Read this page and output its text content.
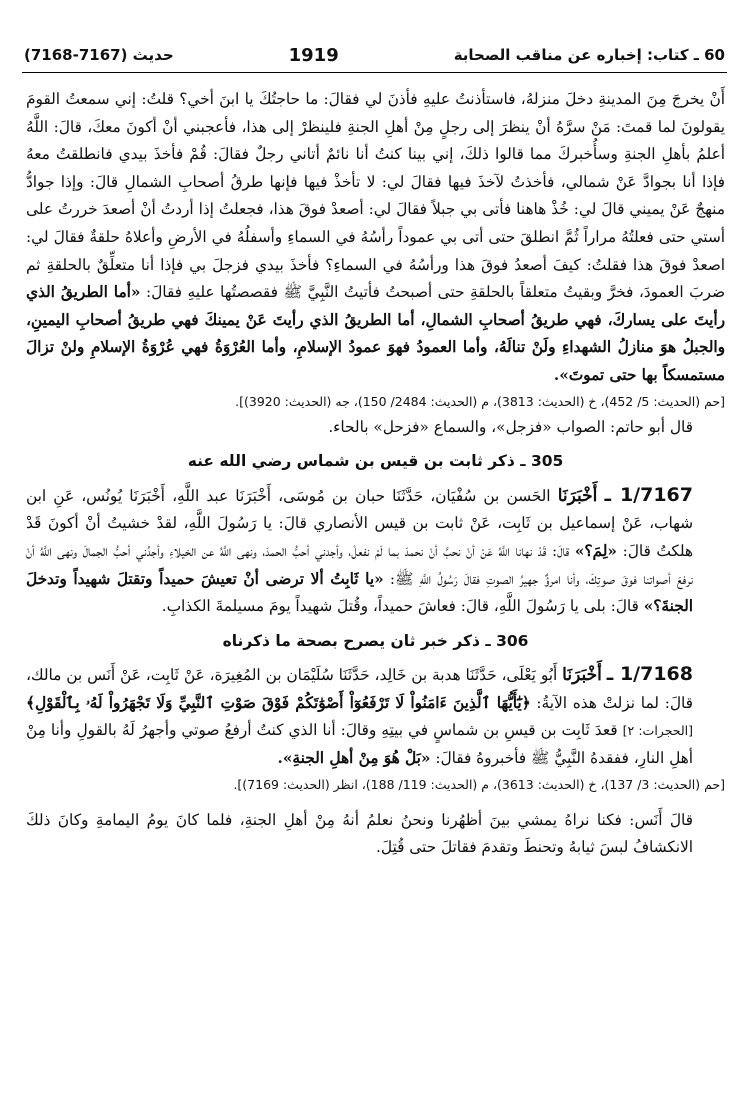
60 ـ كتاب: إخباره عن مناقب الصحابة
1919
حديث (7167-7168)

أَنْ يخرجَ مِنَ المدينةِ دخلَ منزلهُ، فاستأذنتُ عليهِ فأذنَ لي فقالَ: ما حاجتُكَ يا ابنَ أخي؟ قلتُ: إني سمعتُ القومَ يقولونَ لما قمتَ: مَنْ سرَّهُ أنْ ينظرَ إلى رجلٍ مِنْ أهلِ الجنةِ فلينظرْ إلى هذا، فأعجبني أنْ أكونَ معكَ، قالَ: اللَّهُ أعلمُ بأهلِ الجنةِ وسأُخبركَ مما قالوا ذلكَ، إني بينا كنتُ أنا نائمٌ أتاني رجلٌ فقالَ: قُمْ فأخذَ بيدي فانطلقتُ معهُ فإذا أنا بجوادَّ عَنْ شمالي، فأخذتُ لآخذَ فيها فقالَ لي: لا تأخذْ فيها فإنها طرقُ أصحابِ الشمالِ قالَ: وإذا جوادُّ منهجٌ عَنْ يميني قالَ لي: خُذْ هاهنا فأتى بي جبلاً فقالَ لي: أصعدْ فوقَ هذا، فجعلتُ إذا أردتُ أنْ أصعدَ خررتُ على أستي حتى فعلتُهُ مراراً ثُمَّ انطلقَ حتى أتى بي عموداً رأسُهُ في السماءِ وأسفلُهُ في الأرضِ وأعلاهُ حلقةٌ فقالَ لي: اصعدْ فوقَ هذا فقلتُ: كيفَ أصعدُ فوقَ هذا ورأسُهُ في السماءِ؟ فأخذَ بيدي فزجلَ بي فإذا أنا متعلِّقٌ بالحلقةِ ثم ضربَ العمودَ، فخرَّ وبقيتُ متعلقاً بالحلقةِ حتى أصبحتُ فأتيتُ النَّبِيَّ ﷺ فقصصتُها عليهِ فقالَ: «أما الطريقُ الذي رأيتَ على يساركَ، فهي طريقُ أصحابِ الشمالِ، أما الطريقُ الذي رأيتَ عَنْ يمينكَ فهي طريقُ أصحابِ اليمينِ، والجبلُ هوَ منازلُ الشهداءِ ولَنْ تنالَهُ، وأما العمودُ فهوَ عمودُ الإسلامِ، وأما العُرْوَةُ فهي عُرْوَةُ الإسلامِ ولنْ تزالَ مستمسكاً بها حتى تموتَ».

[حم (الحديث: 5/ 452)، خ (الحديث: 3813)، م (الحديث: 2484/ 150)، جه (الحديث: 3920)].

قال أبو حاتم: الصواب «فزجل»، والسماع «فزحل» بالحاء.

305 ـ ذكر ثابت بن قيس بن شماس رضي الله عنه

1/7167 ـ أَخْبَرَنَا الحَسن بن سُفْيَان، حَدَّثَنَا حبان بن مُوسَى، أَخْبَرَنَا عبد اللَّهِ، أَخْبَرَنَا يُونُس، عَنِ ابن شهاب، عَنْ إسماعيل بن ثَابِت، عَنْ ثابت بن قيس الأنصاري قالَ: يا رَسُولَ اللَّهِ، لقدْ خشيتُ أنْ أكونَ قَدْ هلكتُ قالَ: «لِمَ؟» قالَ: قَدْ نهانا اللَّهُ عَنْ أنْ نحبَّ أنْ نحمدَ بما لَمْ نفعلْ، وأجدني أحبُّ الحمدَ، ونهى اللَّهُ عن الخيلاءِ وأجدُني أحبُّ الجمالَ ونهى اللَّهُ أنْ نرفعَ أصواتنا فوقَ صوتِكَ، وأنا امرؤٌ جهيرُ الصوتِ فقالَ رَسُولُ اللَّهِ ﷺ: «يا ثَابِتُ ألا ترضى أنْ تعيشَ حميداً وتقتلَ شهيداً وتدخلَ الجنةَ؟» قالَ: بلى يا رَسُولَ اللَّهِ، قالَ: فعاشَ حميداً، وقُتلَ شهيداً يومَ مسيلمةَ الكذابِ.

306 ـ ذكر خبر ثان يصرح بصحة ما ذكرناه

1/7168 ـ أَخْبَرَنَا أَبُو يَعْلَى، حَدَّثَنَا هدبة بن خَالِد، حَدَّثَنَا سُلَيْمَان بن المُغِيرَة، عَنْ ثَابِت، عَنْ أَنَس بن مالك، قالَ: لما نزلتْ هذه الآيةُ: ﴿يَٰٓأَيُّهَا ٱلَّذِينَ ءَامَنُواْ لَا تَرْفَعُوٓاْ أَصْوَٰتَكُمْ فَوْقَ صَوْتِ ٱلنَّبِيِّ وَلَا تَجْهَرُواْ لَهُۥ بِٱلْقَوْلِ﴾ [الحجرات: ٢] قعدَ ثَابِت بن قيسِ بن شماسٍ في بيتِهِ وقالَ: أنا الذي كنتُ أرفعُ صوتي وأجهرُ لَهُ بالقولِ وأنا مِنْ أهلِ النارِ، ففقدهُ النَّبِيُّ ﷺ فأخبروهُ فقالَ: «بَلْ هُوَ مِنْ أهلِ الجنةِ».

[حم (الحديث: 3/ 137)، خ (الحديث: 3613)، م (الحديث: 119/ 188)، انظر (الحديث: 7169)].

قالَ أَنَس: فكنا نراهُ يمشي بينَ أظهُرنا ونحنُ نعلمُ أنهُ مِنْ أهلِ الجنةِ، فلما كانَ يومُ اليمامةِ وكانَ ذلكَ الانكشافُ لبسَ ثيابهُ وتحنطَ وتقدمَ فقاتلَ حتى قُتِلَ.
